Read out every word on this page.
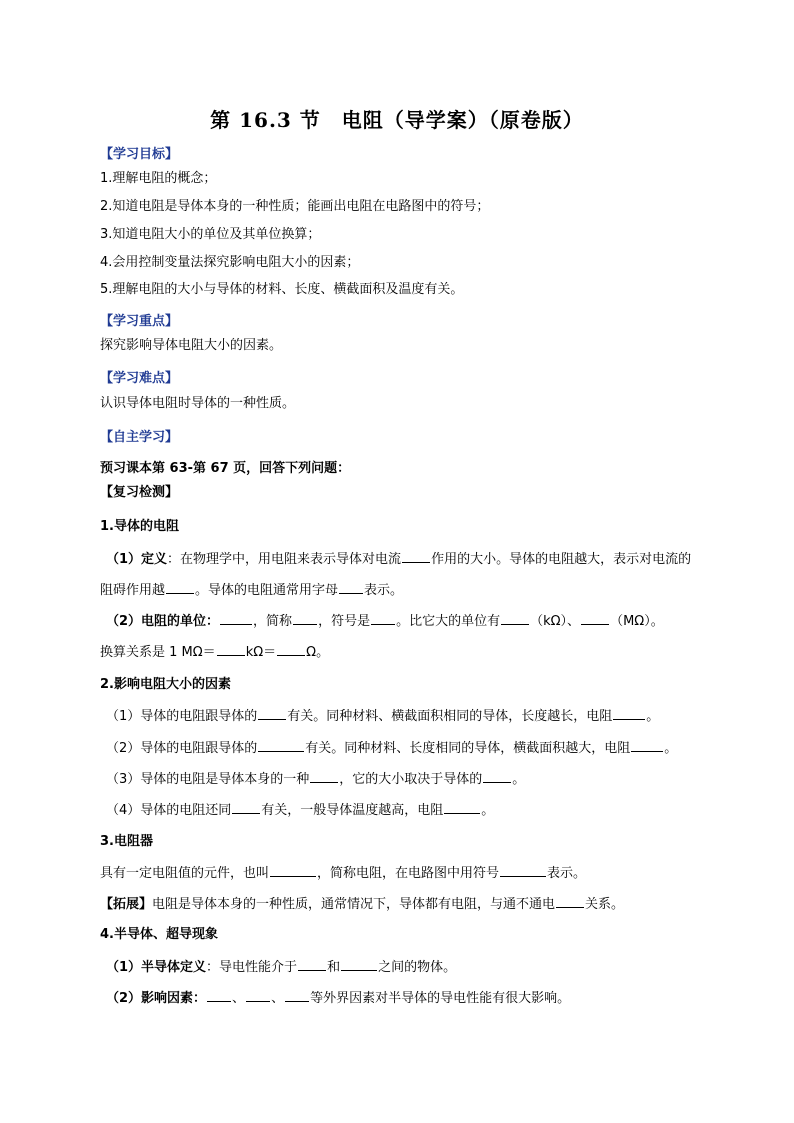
第 16.3 节　电阻（导学案）（原卷版）
【学习目标】
1.理解电阻的概念；
2.知道电阻是导体本身的一种性质；能画出电阻在电路图中的符号；
3.知道电阻大小的单位及其单位换算；
4.会用控制变量法探究影响电阻大小的因素；
5.理解电阻的大小与导体的材料、长度、横截面积及温度有关。
【学习重点】
探究影响导体电阻大小的因素。
【学习难点】
认识导体电阻时导体的一种性质。
【自主学习】
预习课本第 63-第 67 页，回答下列问题：
【复习检测】
1.导体的电阻
（1）定义：在物理学中，用电阻来表示导体对电流 作用的大小。导体的电阻越大，表示对电流的
阻碍作用越 。导体的电阻通常用字母 表示。
（2）电阻的单位：	，简称 ，符号是 。比它大的单位有 （kΩ）、 （MΩ）。
换算关系是 1 MΩ＝ kΩ＝ Ω。
2.影响电阻大小的因素
（1）导体的电阻跟导体的 有关。同种材料、横截面积相同的导体，长度越长，电阻	。
（2）导体的电阻跟导体的	有关。同种材料、长度相同的导体，横截面积越大，电阻	。
（3）导体的电阻是导体本身的一种 ，它的大小取决于导体的 。
（4）导体的电阻还同 有关，一般导体温度越高，电阻	。
3.电阻器
具有一定电阻值的元件，也叫	，简称电阻，在电路图中用符号	表示。
【拓展】电阻是导体本身的一种性质，通常情况下，导体都有电阻，与通不通电 关系。
4.半导体、超导现象
（1）半导体定义：导电性能介于 和	之间的物体。
（2）影响因素： 、 、 等外界因素对半导体的导电性能有很大影响。
